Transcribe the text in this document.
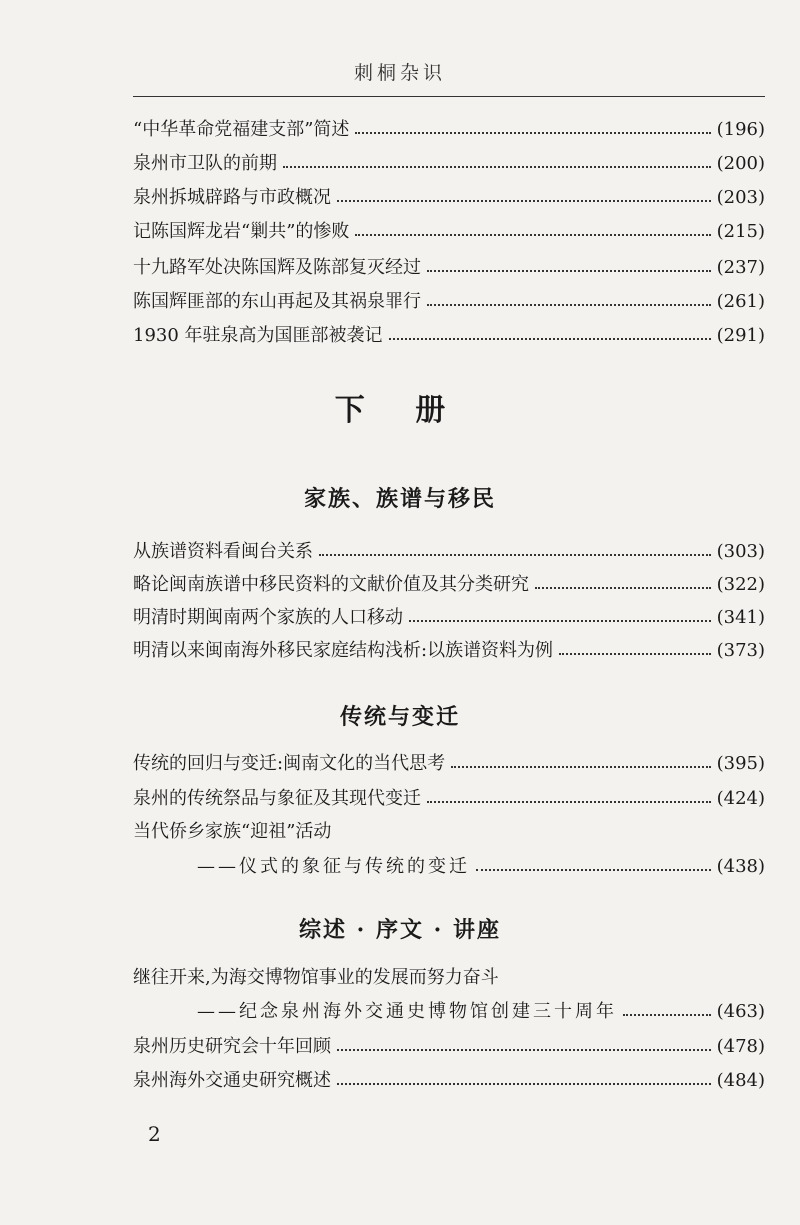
刺桐杂识
“中华革命党福建支部”简述	(196)
泉州市卫队的前期	(200)
泉州拆城辟路与市政概况	(203)
记陈国辉龙岩“剿共”的惨败	(215)
十九路军处决陈国辉及陈部复灭经过	(237)
陈国辉匪部的东山再起及其祸泉罪行	(261)
1930 年驻泉高为国匪部被袭记	(291)
下 册
家族、族谱与移民
从族谱资料看闽台关系	(303)
略论闽南族谱中移民资料的文献价值及其分类研究	(322)
明清时期闽南两个家族的人口移动	(341)
明清以来闽南海外移民家庭结构浅析:以族谱资料为例	(373)
传统与变迁
传统的回归与变迁:闽南文化的当代思考	(395)
泉州的传统祭品与象征及其现代变迁	(424)
当代侨乡家族“迎祖”活动
——仪式的象征与传统的变迁	(438)
综述 · 序文 · 讲座
继往开来,为海交博物馆事业的发展而努力奋斗
——纪念泉州海外交通史博物馆创建三十周年	(463)
泉州历史研究会十年回顾	(478)
泉州海外交通史研究概述	(484)
2
